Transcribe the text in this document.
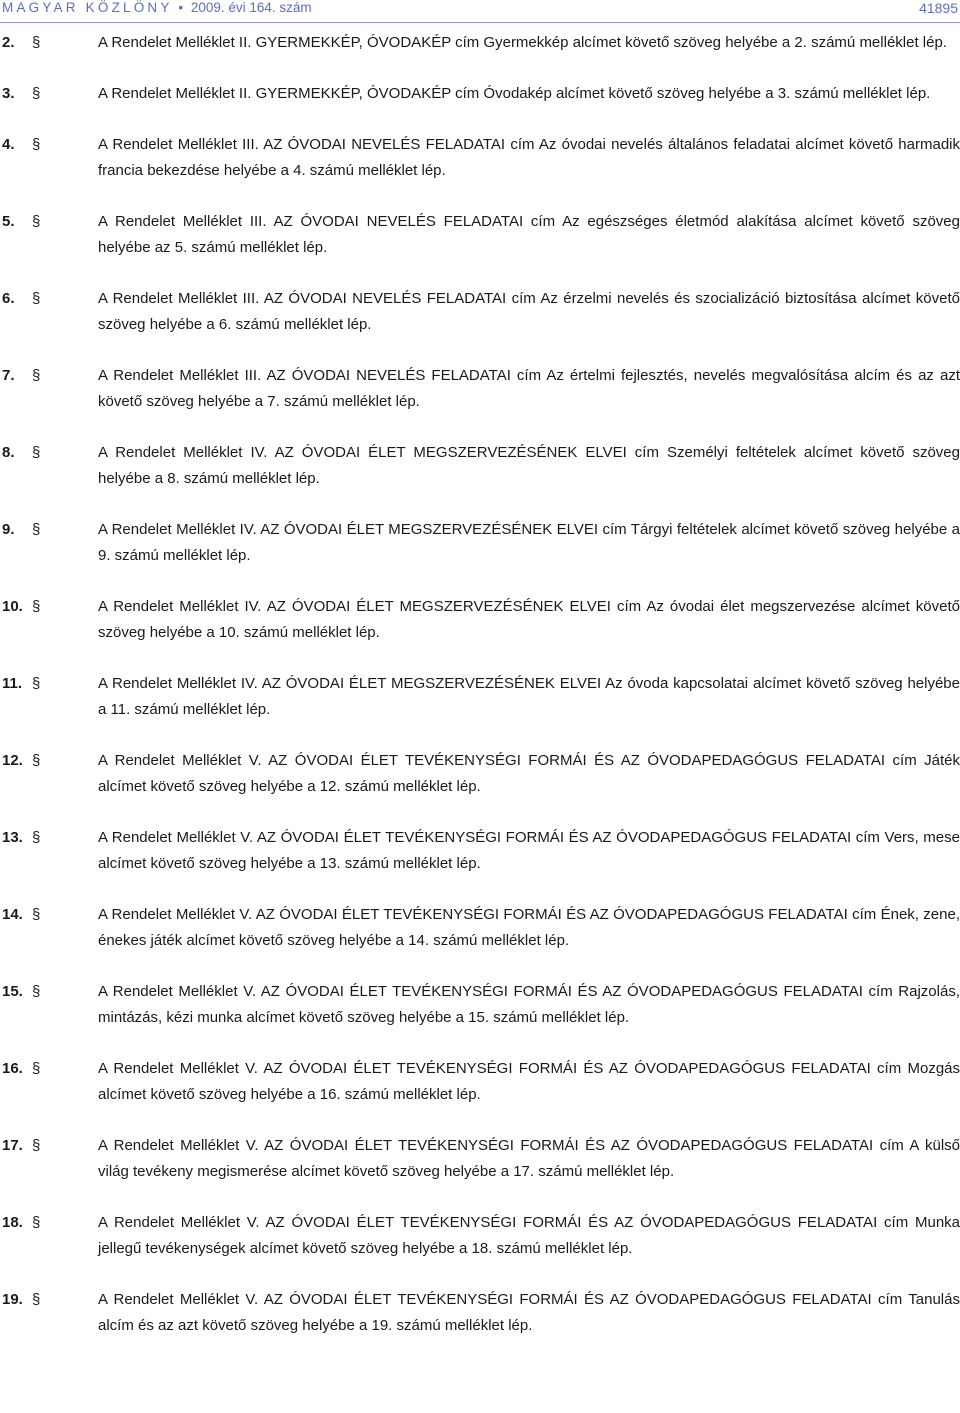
MAGYAR KÖZLÖNY • 2009. évi 164. szám	41895
2. §	A Rendelet Melléklet II. GYERMEKKÉP, ÓVODAKÉP cím Gyermekkép alcímet követő szöveg helyébe a 2. számú melléklet lép.
3. §	A Rendelet Melléklet II. GYERMEKKÉP, ÓVODAKÉP cím Óvodakép alcímet követő szöveg helyébe a 3. számú melléklet lép.
4. §	A Rendelet Melléklet III. AZ ÓVODAI NEVELÉS FELADATAI cím Az óvodai nevelés általános feladatai alcímet követő harmadik francia bekezdése helyébe a 4. számú melléklet lép.
5. §	A Rendelet Melléklet III. AZ ÓVODAI NEVELÉS FELADATAI cím Az egészséges életmód alakítása alcímet követő szöveg helyébe az 5. számú melléklet lép.
6. §	A Rendelet Melléklet III. AZ ÓVODAI NEVELÉS FELADATAI cím Az érzelmi nevelés és szocializáció biztosítása alcímet követő szöveg helyébe a 6. számú melléklet lép.
7. §	A Rendelet Melléklet III. AZ ÓVODAI NEVELÉS FELADATAI cím Az értelmi fejlesztés, nevelés megvalósítása alcím és az azt követő szöveg helyébe a 7. számú melléklet lép.
8. §	A Rendelet Melléklet IV. AZ ÓVODAI ÉLET MEGSZERVEZÉSÉNEK ELVEI cím Személyi feltételek alcímet követő szöveg helyébe a 8. számú melléklet lép.
9. §	A Rendelet Melléklet IV. AZ ÓVODAI ÉLET MEGSZERVEZÉSÉNEK ELVEI cím Tárgyi feltételek alcímet követő szöveg helyébe a 9. számú melléklet lép.
10. §	A Rendelet Melléklet IV. AZ ÓVODAI ÉLET MEGSZERVEZÉSÉNEK ELVEI cím Az óvodai élet megszervezése alcímet követő szöveg helyébe a 10. számú melléklet lép.
11. §	A Rendelet Melléklet IV. AZ ÓVODAI ÉLET MEGSZERVEZÉSÉNEK ELVEI Az óvoda kapcsolatai alcímet követő szöveg helyébe a 11. számú melléklet lép.
12. §	A Rendelet Melléklet V. AZ ÓVODAI ÉLET TEVÉKENYSÉGI FORMÁI ÉS AZ ÓVODAPEDAGÓGUS FELADATAI cím Játék alcímet követő szöveg helyébe a 12. számú melléklet lép.
13. §	A Rendelet Melléklet V. AZ ÓVODAI ÉLET TEVÉKENYSÉGI FORMÁI ÉS AZ ÓVODAPEDAGÓGUS FELADATAI cím Vers, mese alcímet követő szöveg helyébe a 13. számú melléklet lép.
14. §	A Rendelet Melléklet V. AZ ÓVODAI ÉLET TEVÉKENYSÉGI FORMÁI ÉS AZ ÓVODAPEDAGÓGUS FELADATAI cím Ének, zene, énekes játék alcímet követő szöveg helyébe a 14. számú melléklet lép.
15. §	A Rendelet Melléklet V. AZ ÓVODAI ÉLET TEVÉKENYSÉGI FORMÁI ÉS AZ ÓVODAPEDAGÓGUS FELADATAI cím Rajzolás, mintázás, kézi munka alcímet követő szöveg helyébe a 15. számú melléklet lép.
16. §	A Rendelet Melléklet V. AZ ÓVODAI ÉLET TEVÉKENYSÉGI FORMÁI ÉS AZ ÓVODAPEDAGÓGUS FELADATAI cím Mozgás alcímet követő szöveg helyébe a 16. számú melléklet lép.
17. §	A Rendelet Melléklet V. AZ ÓVODAI ÉLET TEVÉKENYSÉGI FORMÁI ÉS AZ ÓVODAPEDAGÓGUS FELADATAI cím A külső világ tevékeny megismerése alcímet követő szöveg helyébe a 17. számú melléklet lép.
18. §	A Rendelet Melléklet V. AZ ÓVODAI ÉLET TEVÉKENYSÉGI FORMÁI ÉS AZ ÓVODAPEDAGÓGUS FELADATAI cím Munka jellegű tevékenységek alcímet követő szöveg helyébe a 18. számú melléklet lép.
19. §	A Rendelet Melléklet V. AZ ÓVODAI ÉLET TEVÉKENYSÉGI FORMÁI ÉS AZ ÓVODAPEDAGÓGUS FELADATAI cím Tanulás alcím és az azt követő szöveg helyébe a 19. számú melléklet lép.
